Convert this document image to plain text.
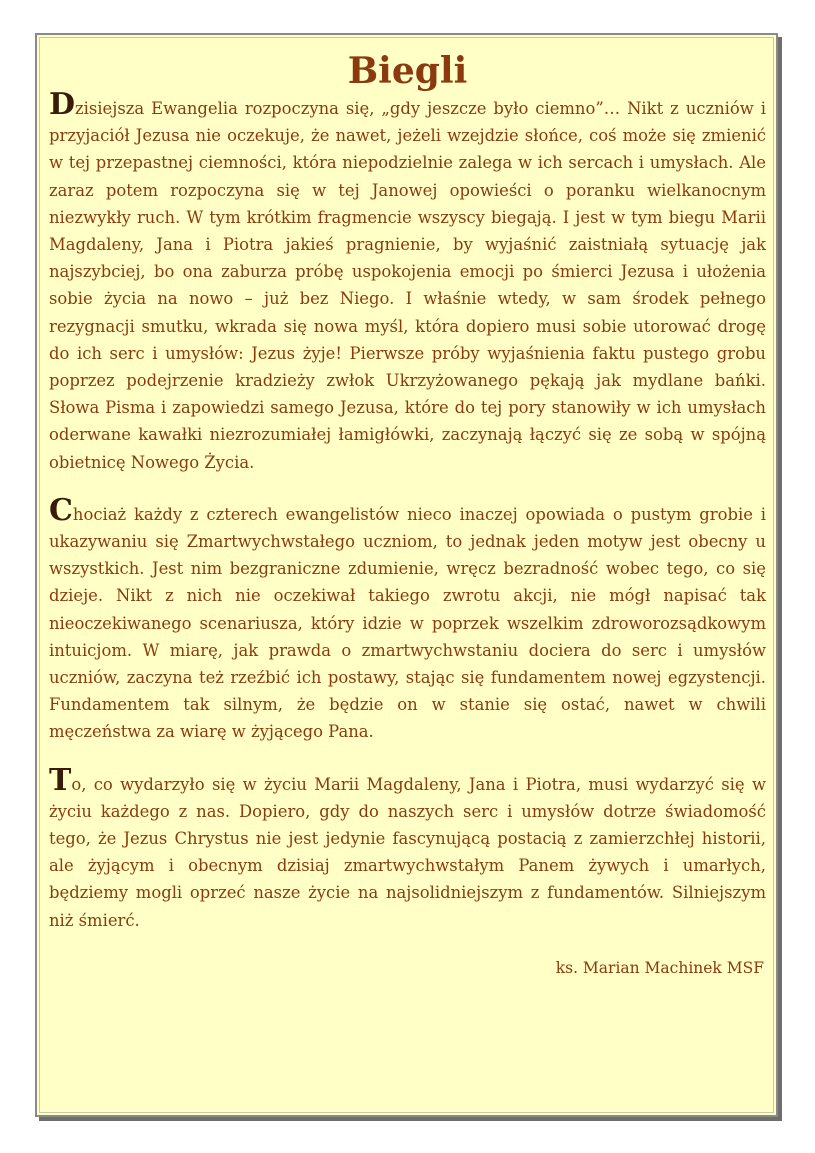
Biegli

Dzisiejsza Ewangelia rozpoczyna się, „gdy jeszcze było ciemno”… Nikt z uczniów i przyjaciół Jezusa nie oczekuje, że nawet, jeżeli wzejdzie słońce, coś może się zmienić w tej przepastnej ciemności, która niepodzielnie zalega w ich sercach i umysłach. Ale zaraz potem rozpoczyna się w tej Janowej opowieści o poranku wielkanocnym niezwykły ruch. W tym krótkim fragmencie wszyscy biegają. I jest w tym biegu Marii Magdaleny, Jana i Piotra jakieś pragnienie, by wyjaśnić zaistniałą sytuację jak najszybciej, bo ona zaburza próbę uspokojenia emocji po śmierci Jezusa i ułożenia sobie życia na nowo – już bez Niego. I właśnie wtedy, w sam środek pełnego rezygnacji smutku, wkrada się nowa myśl, która dopiero musi sobie utorować drogę do ich serc i umysłów: Jezus żyje! Pierwsze próby wyjaśnienia faktu pustego grobu poprzez podejrzenie kradzieży zwłok Ukrzyżowanego pękają jak mydlane bańki. Słowa Pisma i zapowiedzi samego Jezusa, które do tej pory stanowiły w ich umysłach oderwane kawałki niezrozumiałej łamigłówki, zaczynają łączyć się ze sobą w spójną obietnicę Nowego Życia.

Chociaż każdy z czterech ewangelistów nieco inaczej opowiada o pustym grobie i ukazywaniu się Zmartwychwstałego uczniom, to jednak jeden motyw jest obecny u wszystkich. Jest nim bezgraniczne zdumienie, wręcz bezradność wobec tego, co się dzieje. Nikt z nich nie oczekiwał takiego zwrotu akcji, nie mógł napisać tak nieoczekiwanego scenariusza, który idzie w poprzek wszelkim zdroworozsądkowym intuicjom. W miarę, jak prawda o zmartwychwstaniu dociera do serc i umysłów uczniów, zaczyna też rzeźbić ich postawy, stając się fundamentem nowej egzystencji. Fundamentem tak silnym, że będzie on w stanie się ostać, nawet w chwili męczeństwa za wiarę w żyjącego Pana.

To, co wydarzyło się w życiu Marii Magdaleny, Jana i Piotra, musi wydarzyć się w życiu każdego z nas. Dopiero, gdy do naszych serc i umysłów dotrze świadomość tego, że Jezus Chrystus nie jest jedynie fascynującą postacią z zamierzchłej historii, ale żyjącym i obecnym dzisiaj zmartwychwstałym Panem żywych i umarłych, będziemy mogli oprzeć nasze życie na najsolidniejszym z fundamentów. Silniejszym niż śmierć.

ks. Marian Machinek MSF
